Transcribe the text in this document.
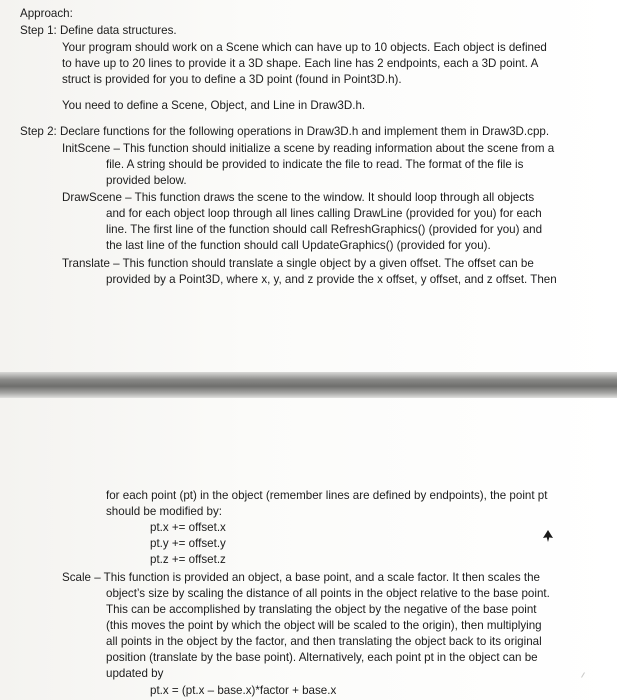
Approach:
Step 1: Define data structures.
Your program should work on a Scene which can have up to 10 objects. Each object is defined
to have up to 20 lines to provide it a 3D shape. Each line has 2 endpoints, each a 3D point. A
struct is provided for you to define a 3D point (found in Point3D.h).
You need to define a Scene, Object, and Line in Draw3D.h.
Step 2: Declare functions for the following operations in Draw3D.h and implement them in Draw3D.cpp.
InitScene – This function should initialize a scene by reading information about the scene from a
file. A string should be provided to indicate the file to read. The format of the file is
provided below.
DrawScene – This function draws the scene to the window. It should loop through all objects
and for each object loop through all lines calling DrawLine (provided for you) for each
line. The first line of the function should call RefreshGraphics() (provided for you) and
the last line of the function should call UpdateGraphics() (provided for you).
Translate – This function should translate a single object by a given offset. The offset can be
provided by a Point3D, where x, y, and z provide the x offset, y offset, and z offset. Then
for each point (pt) in the object (remember lines are defined by endpoints), the point pt
should be modified by:
pt.x += offset.x
pt.y += offset.y
pt.z += offset.z
Scale – This function is provided an object, a base point, and a scale factor. It then scales the
object’s size by scaling the distance of all points in the object relative to the base point.
This can be accomplished by translating the object by the negative of the base point
(this moves the point by which the object will be scaled to the origin), then multiplying
all points in the object by the factor, and then translating the object back to its original
position (translate by the base point). Alternatively, each point pt in the object can be
updated by
pt.x = (pt.x – base.x)*factor + base.x
